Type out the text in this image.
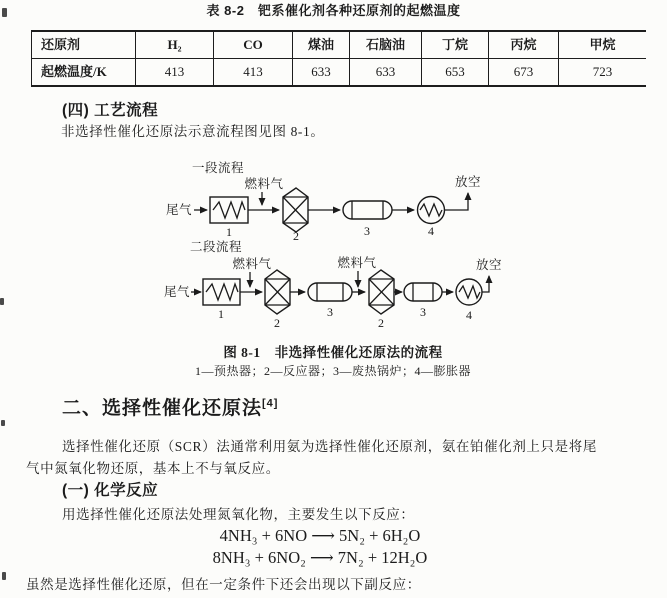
表 8-2　钯系催化剂各种还原剂的起燃温度
还原剂	H₂	CO	煤油	石脑油	丁烷	丙烷	甲烷
起燃温度/K	413	413	633	633	653	673	723
(四) 工艺流程
非选择性催化还原法示意流程图见图 8-1。
一段流程
尾气
1
燃料气
2	3	4
放空
二段流程
尾气
1
燃料气
2
3
燃料气
2
3	4
放空
图 8-1　非选择性催化还原法的流程
1—预热器；2—反应器；3—废热锅炉；4—膨胀器
二、选择性催化还原法[4]
选择性催化还原（SCR）法通常利用氨为选择性催化还原剂，氨在铂催化剂上只是将尾
气中氮氧化物还原，基本上不与氧反应。
(一) 化学反应
用选择性催化还原法处理氮氧化物，主要发生以下反应：
4NH₃ + 6NO ⟶ 5N₂ + 6H₂O
8NH₃ + 6NO₂ ⟶ 7N₂ + 12H₂O
虽然是选择性催化还原，但在一定条件下还会出现以下副反应：
